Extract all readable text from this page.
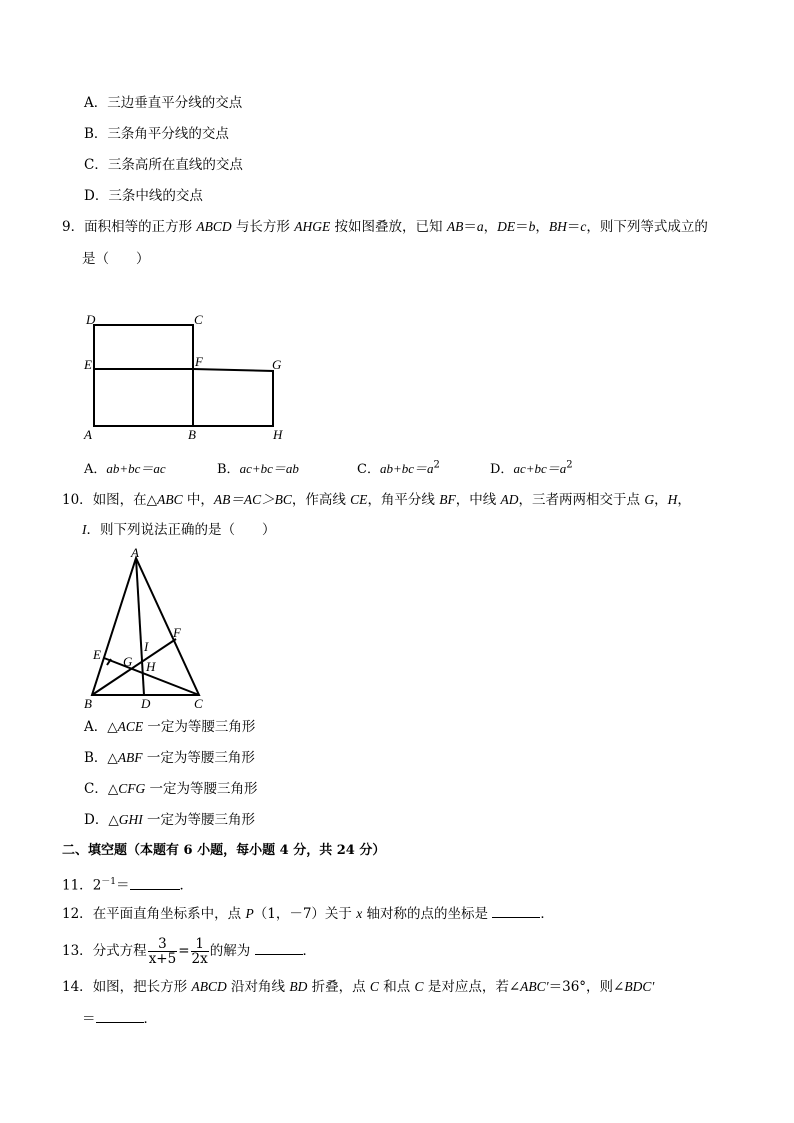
A．三边垂直平分线的交点
B．三条角平分线的交点
C．三条高所在直线的交点
D．三条中线的交点
9．面积相等的正方形 ABCD 与长方形 AHGE 按如图叠放，已知 AB＝a，DE＝b，BH＝c，则下列等式成立的
是（　　）
D	C
E	F	G
A	B	H
A．ab+bc＝ac	B．ac+bc＝ab	C．$ab+bc=a^2$	D．$ac+bc=a^2$
10．如图，在△ABC 中，AB＝AC＞BC，作高线 CE，角平分线 BF，中线 AD，三者两两相交于点 G，H，
I．则下列说法正确的是（　　）
A
F
I
E G H
B	D	C
A．△ACE 一定为等腰三角形
B．△ABF 一定为等腰三角形
C．△CFG 一定为等腰三角形
D．△GHI 一定为等腰三角形
二、填空题（本题有 6 小题，每小题 4 分，共 24 分）
11．$2^{-1}=$	．
12．在平面直角坐标系中，点 P（1，－7）关于 x 轴对称的点的坐标是	．
13．分式方程 $\frac{3}{x+5} = \frac{1}{2x}$ 的解为	．
14．如图，把长方形 ABCD 沿对角线 BD 折叠，点 C 和点 C 是对应点，若∠ABC′＝36°，则∠BDC′
＝	．
